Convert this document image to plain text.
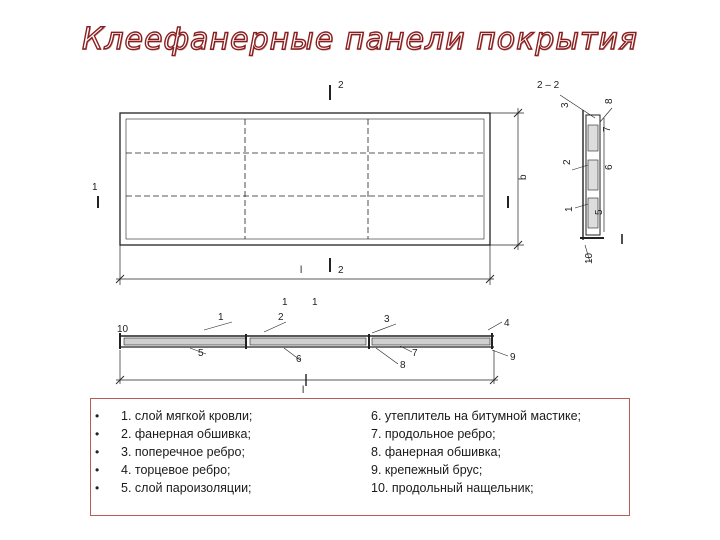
Клеефанерные панели покрытия
2
2
1
l
b
2 – 2
3
8
7
2
6
1
5
10
1 1
1	2	3	4
5
6
7
8
9
10
l
•
•
•
•
•
1. слой мягкой кровли;
2. фанерная обшивка;
3. поперечное ребро;
4. торцевое ребро;
5. слой пароизоляции;
6. утеплитель на битумной мастике;
7. продольное ребро;
8. фанерная обшивка;
9. крепежный брус;
10. продольный нащельник;
